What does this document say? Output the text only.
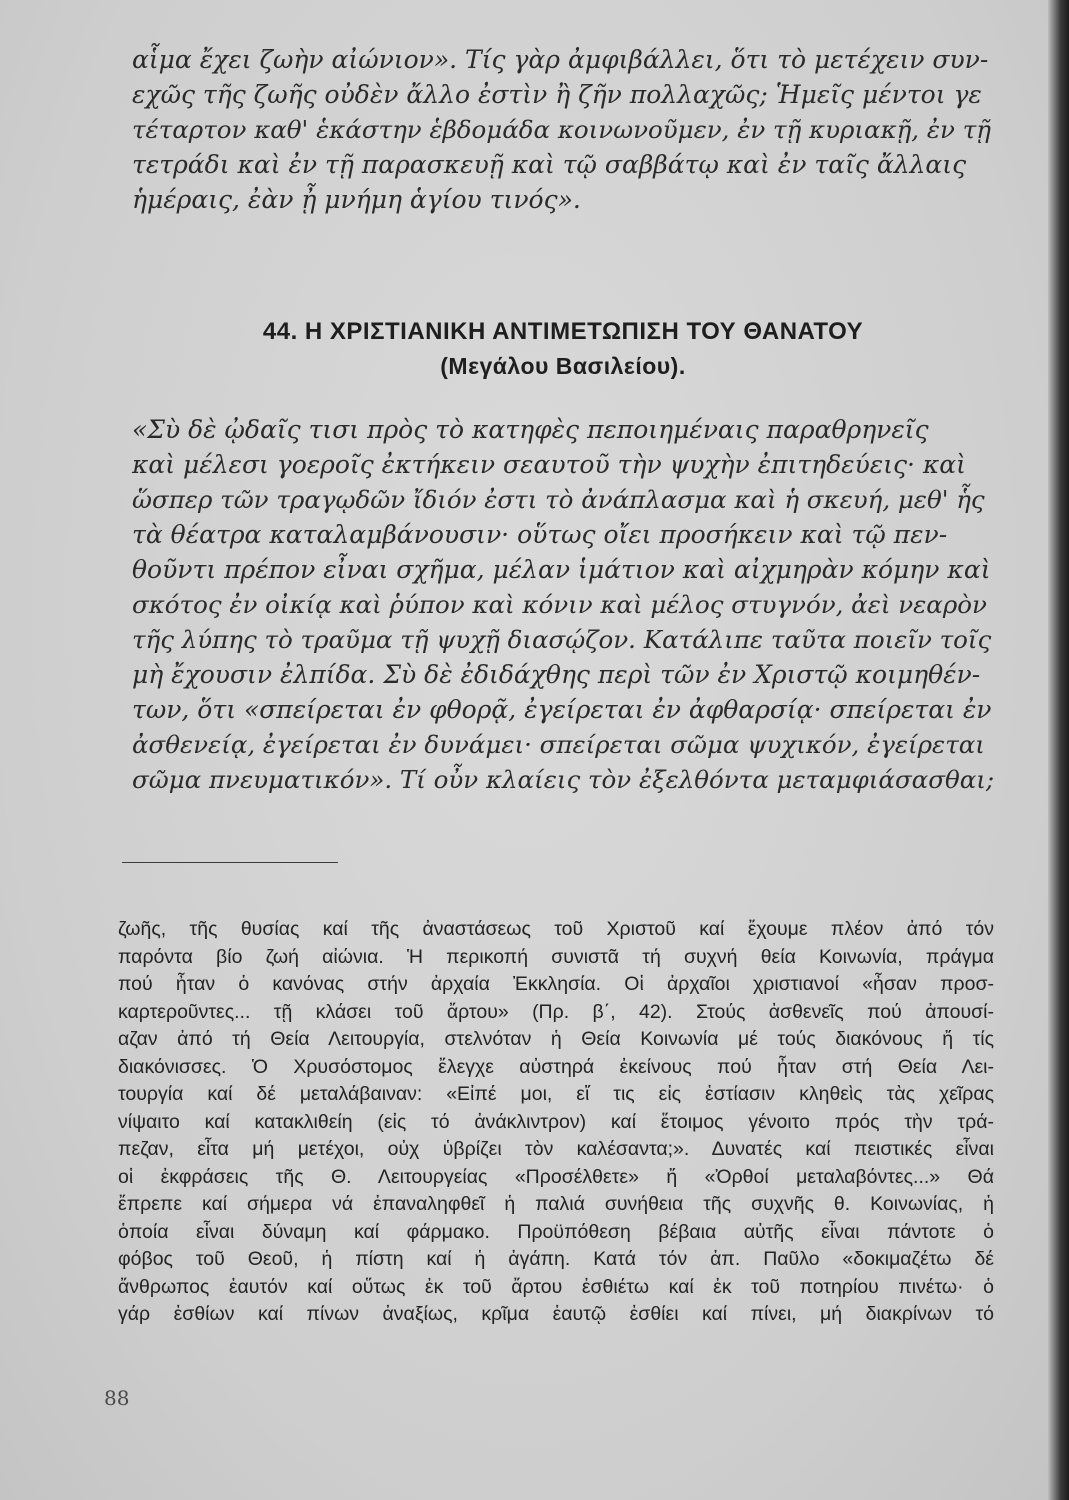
αἷμα ἔχει ζωὴν αἰώνιον». Τίς γὰρ ἀμφιβάλλει, ὅτι τὸ μετέχειν συν-
εχῶς τῆς ζωῆς οὐδὲν ἄλλο ἐστὶν ἢ ζῆν πολλαχῶς; Ἡμεῖς μέντοι γε
τέταρτον καθ' ἑκάστην ἑβδομάδα κοινωνοῦμεν, ἐν τῇ κυριακῇ, ἐν τῇ
τετράδι καὶ ἐν τῇ παρασκευῇ καὶ τῷ σαββάτῳ καὶ ἐν ταῖς ἄλλαις
ἡμέραις, ἐὰν ᾖ μνήμη ἁγίου τινός».

44. Η ΧΡΙΣΤΙΑΝΙΚΗ ΑΝΤΙΜΕΤΩΠΙΣΗ ΤΟΥ ΘΑΝΑΤΟΥ
(Μεγάλου Βασιλείου).

«Σὺ δὲ ᾠδαῖς τισι πρὸς τὸ κατηφὲς πεποιημέναις παραθρηνεῖς
καὶ μέλεσι γοεροῖς ἐκτήκειν σεαυτοῦ τὴν ψυχὴν ἐπιτηδεύεις· καὶ
ὥσπερ τῶν τραγῳδῶν ἴδιόν ἐστι τὸ ἀνάπλασμα καὶ ἡ σκευή, μεθ' ἧς
τὰ θέατρα καταλαμβάνουσιν· οὕτως οἴει προσήκειν καὶ τῷ πεν-
θοῦντι πρέπον εἶναι σχῆμα, μέλαν ἱμάτιον καὶ αἰχμηρὰν κόμην καὶ
σκότος ἐν οἰκίᾳ καὶ ῥύπον καὶ κόνιν καὶ μέλος στυγνόν, ἀεὶ νεαρὸν
τῆς λύπης τὸ τραῦμα τῇ ψυχῇ διασῴζον. Κατάλιπε ταῦτα ποιεῖν τοῖς
μὴ ἔχουσιν ἐλπίδα. Σὺ δὲ ἐδιδάχθης περὶ τῶν ἐν Χριστῷ κοιμηθέν-
των, ὅτι «σπείρεται ἐν φθορᾷ, ἐγείρεται ἐν ἀφθαρσίᾳ· σπείρεται ἐν
ἀσθενείᾳ, ἐγείρεται ἐν δυνάμει· σπείρεται σῶμα ψυχικόν, ἐγείρεται
σῶμα πνευματικόν». Τί οὖν κλαίεις τὸν ἐξελθόντα μεταμφιάσασθαι;

ζωῆς, τῆς θυσίας καί τῆς ἀναστάσεως τοῦ Χριστοῦ καί ἔχουμε πλέον ἀπό τόν
παρόντα βίο ζωή αἰώνια. Ἡ περικοπή συνιστᾶ τή συχνή θεία Κοινωνία, πράγμα
πού ἦταν ὁ κανόνας στήν ἀρχαία Ἐκκλησία. Οἱ ἀρχαῖοι χριστιανοί «ἦσαν προσ-
καρτεροῦντες... τῇ κλάσει τοῦ ἄρτου» (Πρ. β΄, 42). Στούς ἀσθενεῖς πού ἀπουσί-
αζαν ἀπό τή Θεία Λειτουργία, στελνόταν ἡ Θεία Κοινωνία μέ τούς διακόνους ἤ τίς
διακόνισσες. Ὁ Χρυσόστομος ἔλεγχε αὐστηρά ἐκείνους πού ἦταν στή Θεία Λει-
τουργία καί δέ μεταλάβαιναν: «Εἰπέ μοι, εἴ τις εἰς ἑστίασιν κληθεὶς τὰς χεῖρας
νίψαιτο καί κατακλιθείη (εἰς τό ἀνάκλιντρον) καί ἕτοιμος γένοιτο πρός τὴν τρά-
πεζαν, εἶτα μή μετέχοι, οὐχ ὑβρίζει τὸν καλέσαντα;». Δυνατές καί πειστικές εἶναι
οἱ ἐκφράσεις τῆς Θ. Λειτουργείας «Προσέλθετε» ἤ «Ὀρθοί μεταλαβόντες...» Θά
ἔπρεπε καί σήμερα νά ἐπαναληφθεῖ ἡ παλιά συνήθεια τῆς συχνῆς θ. Κοινωνίας, ἡ
ὁποία εἶναι δύναμη καί φάρμακο. Προϋπόθεση βέβαια αὐτῆς εἶναι πάντοτε ὁ
φόβος τοῦ Θεοῦ, ἡ πίστη καί ἡ ἀγάπη. Κατά τόν ἀπ. Παῦλο «δοκιμαζέτω δέ
ἄνθρωπος ἑαυτόν καί οὕτως ἐκ τοῦ ἄρτου ἐσθιέτω καί ἐκ τοῦ ποτηρίου πινέτω· ὁ
γάρ ἐσθίων καί πίνων ἀναξίως, κρῖμα ἑαυτῷ ἐσθίει καί πίνει, μή διακρίνων τό
88
